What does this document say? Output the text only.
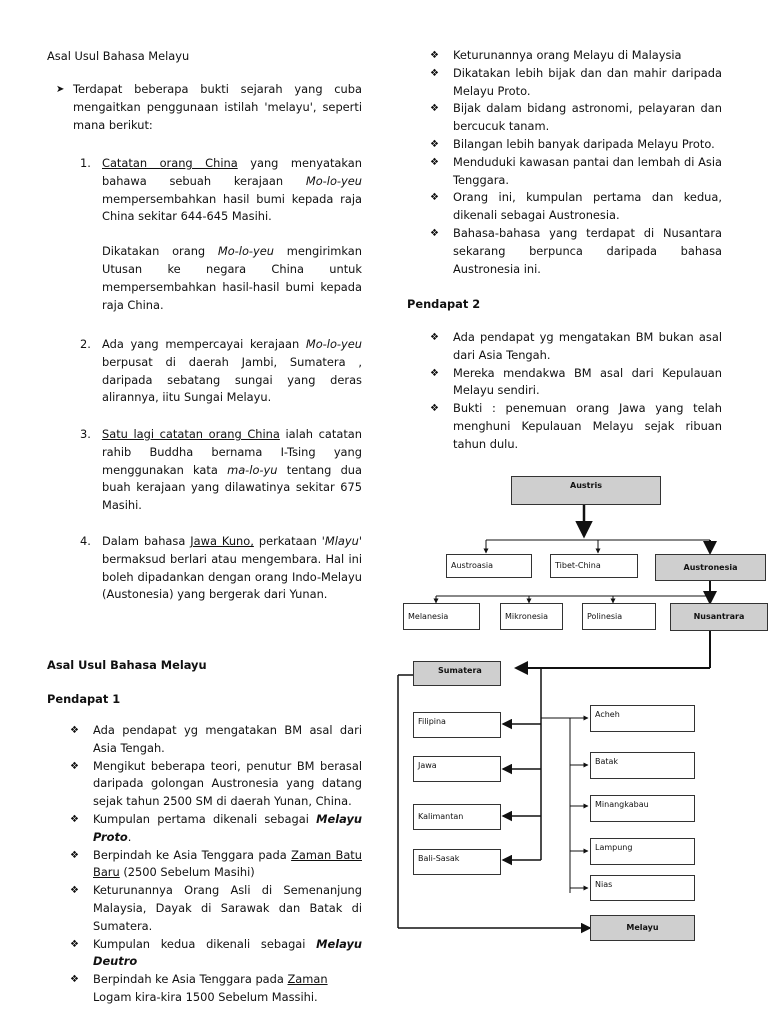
Asal Usul Bahasa Melayu
➤ Terdapat beberapa bukti sejarah yang cuba mengaitkan penggunaan istilah 'melayu', seperti mana berikut:
1. Catatan orang China yang menyatakan bahawa sebuah kerajaan Mo-lo-yeu mempersembahkan hasil bumi kepada raja China sekitar 644-645 Masihi.
Dikatakan orang Mo-lo-yeu mengirimkan Utusan ke negara China untuk mempersembahkan hasil-hasil bumi kepada raja China.
2. Ada yang mempercayai kerajaan Mo-lo-yeu berpusat di daerah Jambi, Sumatera , daripada sebatang sungai yang deras alirannya, iitu Sungai Melayu.
3. Satu lagi catatan orang China ialah catatan rahib Buddha bernama I-Tsing yang menggunakan kata ma-lo-yu tentang dua buah kerajaan yang dilawatinya sekitar 675 Masihi.
4. Dalam bahasa Jawa Kuno, perkataan 'Mlayu' bermaksud berlari atau mengembara. Hal ini boleh dipadankan dengan orang Indo-Melayu (Austonesia) yang bergerak dari Yunan.
Asal Usul Bahasa Melayu
Pendapat 1
❖ Ada pendapat yg mengatakan BM asal dari Asia Tengah.
❖ Mengikut beberapa teori, penutur BM berasal daripada golongan Austronesia yang datang sejak tahun 2500 SM di daerah Yunan, China.
❖ Kumpulan pertama dikenali sebagai Melayu Proto.
❖ Berpindah ke Asia Tenggara pada Zaman Batu Baru (2500 Sebelum Masihi)
❖ Keturunannya Orang Asli di Semenanjung Malaysia, Dayak di Sarawak dan Batak di Sumatera.
❖ Kumpulan kedua dikenali sebagai Melayu Deutro
❖ Berpindah ke Asia Tenggara pada Zaman
Logam kira-kira 1500 Sebelum Massihi.
❖ Keturunannya orang Melayu di Malaysia
❖ Dikatakan lebih bijak dan dan mahir daripada Melayu Proto.
❖ Bijak dalam bidang astronomi, pelayaran dan bercucuk tanam.
❖ Bilangan lebih banyak daripada Melayu Proto.
❖ Menduduki kawasan pantai dan lembah di Asia Tenggara.
❖ Orang ini, kumpulan pertama dan kedua, dikenali sebagai Austronesia.
❖ Bahasa-bahasa yang terdapat di Nusantara sekarang berpunca daripada bahasa Austronesia ini.
Pendapat 2
❖ Ada pendapat yg mengatakan BM bukan asal dari Asia Tengah.
❖ Mereka mendakwa BM asal dari Kepulauan Melayu sendiri.
❖ Bukti : penemuan orang Jawa yang telah menghuni Kepulauan Melayu sejak ribuan tahun dulu.
Austris
Austroasia	Tibet-China	Austronesia
Melanesia	Mikronesia	Polinesia	Nusantrara
Sumatera
Filipina
Jawa
Kalimantan
Bali-Sasak
Acheh
Batak
Minangkabau
Lampung
Nias
Melayu
